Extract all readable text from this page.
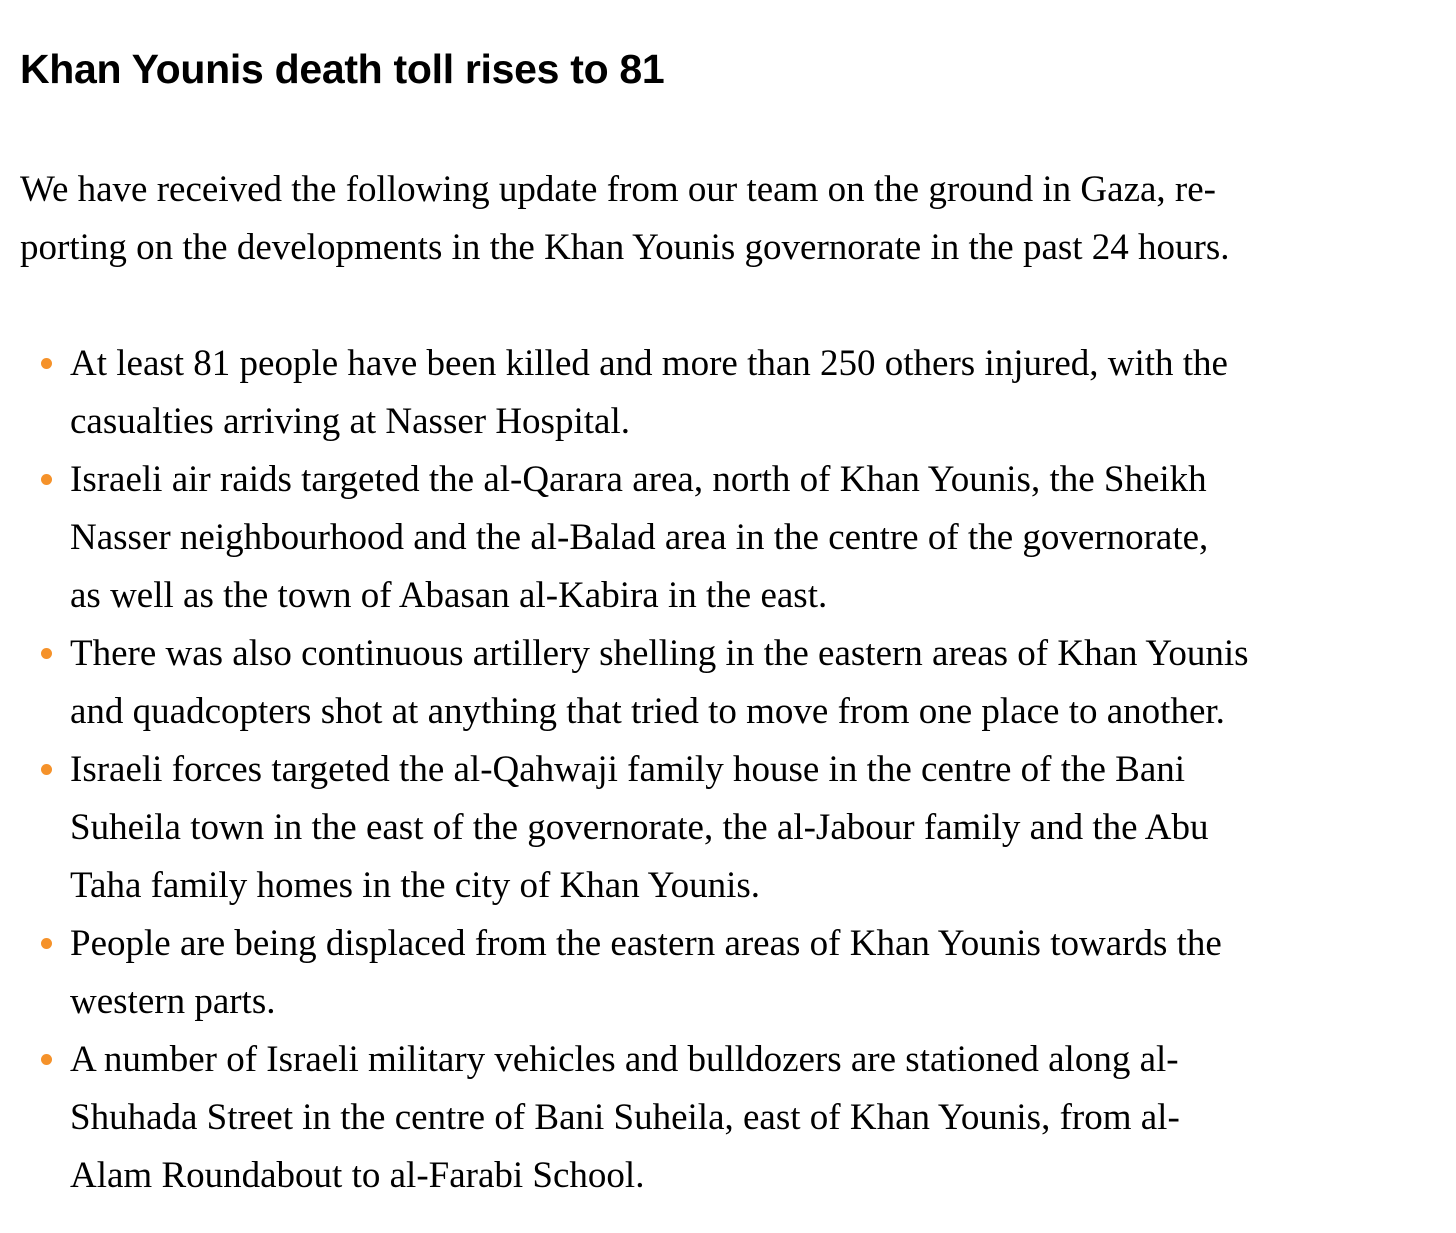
Khan Younis death toll rises to 81

We have received the following update from our team on the ground in Gaza, re-
porting on the developments in the Khan Younis governorate in the past 24 hours.

At least 81 people have been killed and more than 250 others injured, with the
casualties arriving at Nasser Hospital.
Israeli air raids targeted the al-Qarara area, north of Khan Younis, the Sheikh
Nasser neighbourhood and the al-Balad area in the centre of the governorate,
as well as the town of Abasan al-Kabira in the east.
There was also continuous artillery shelling in the eastern areas of Khan Younis
and quadcopters shot at anything that tried to move from one place to another.
Israeli forces targeted the al-Qahwaji family house in the centre of the Bani
Suheila town in the east of the governorate, the al-Jabour family and the Abu
Taha family homes in the city of Khan Younis.
People are being displaced from the eastern areas of Khan Younis towards the
western parts.
A number of Israeli military vehicles and bulldozers are stationed along al-
Shuhada Street in the centre of Bani Suheila, east of Khan Younis, from al-
Alam Roundabout to al-Farabi School.
